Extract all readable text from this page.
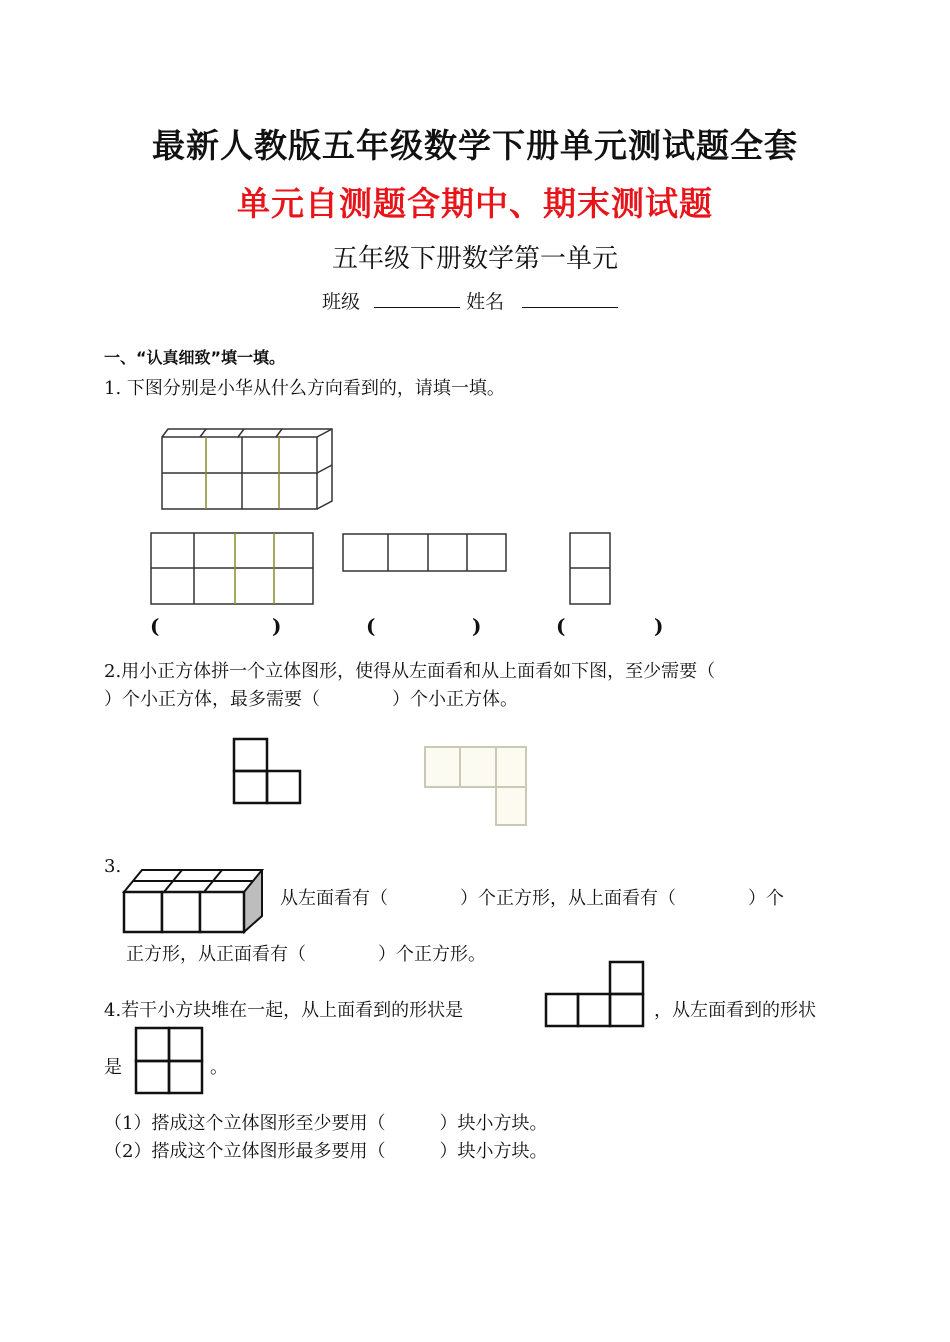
最新人教版五年级数学下册单元测试题全套
单元自测题含期中、期末测试题
五年级下册数学第一单元
班级	姓名
一、“认真细致”填一填。
1. 下图分别是小华从什么方向看到的，请填一填。
(	)	(	)	(	)
2.用小正方体拼一个立体图形，使得从左面看和从上面看如下图，至少需要（
）个小正方体，最多需要（　　　　）个小正方体。
3.
从左面看有（　　　　）个正方形，从上面看有（　　　　）个
正方形，从正面看有（　　　　）个正方形。
4.若干小方块堆在一起，从上面看到的形状是	，从左面看到的形状
是	。
（1）搭成这个立体图形至少要用（　　　）块小方块。
（2）搭成这个立体图形最多要用（　　　）块小方块。
